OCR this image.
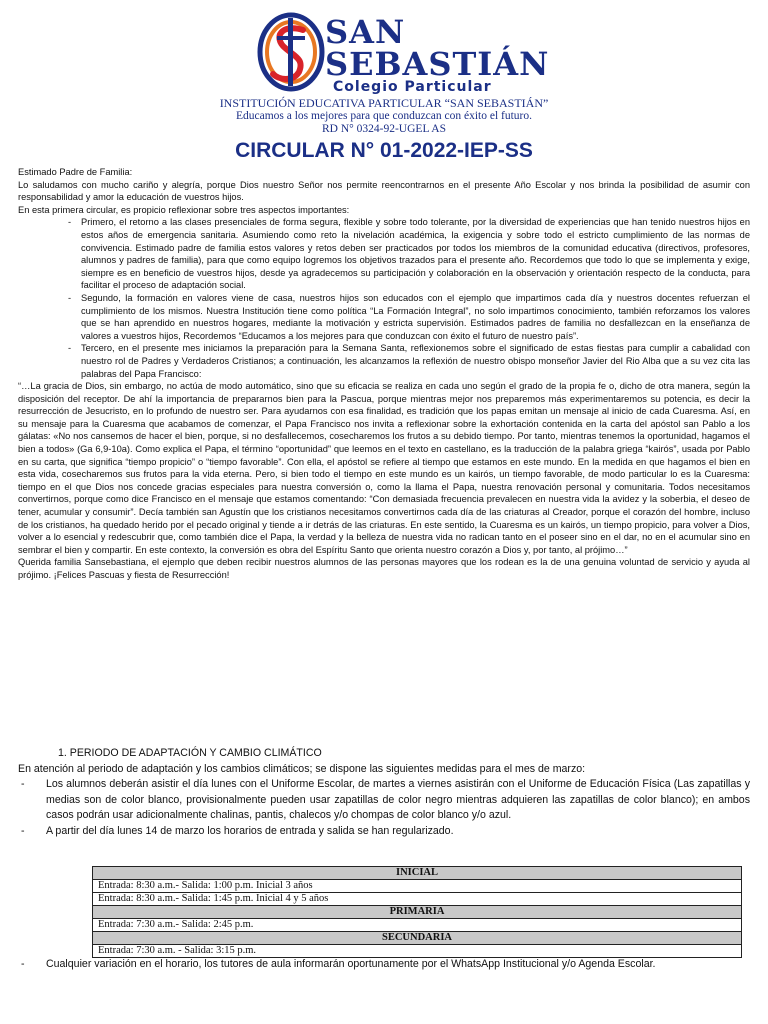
SAN
SEBASTIÁN
Colegio Particular
INSTITUCIÓN EDUCATIVA PARTICULAR “SAN SEBASTIÁN”
Educamos a los mejores para que conduzcan con éxito el futuro.
RD N° 0324-92-UGEL AS
CIRCULAR N° 01-2022-IEP-SS

Estimado Padre de Familia:

Lo saludamos con mucho cariño y alegría, porque Dios nuestro Señor nos permite reencontrarnos en el presente Año Escolar y nos brinda la posibilidad de asumir con responsabilidad y amor la educación de vuestros hijos.

En esta primera circular, es propicio reflexionar sobre tres aspectos importantes:

- Primero, el retorno a las clases presenciales de forma segura, flexible y sobre todo tolerante, por la diversidad de experiencias que han tenido nuestros hijos en estos años de emergencia sanitaria. Asumiendo como reto la nivelación académica, la exigencia y sobre todo el estricto cumplimiento de las normas de convivencia. Estimado padre de familia estos valores y retos deben ser practicados por todos los miembros de la comunidad educativa (directivos, profesores, alumnos y padres de familia), para que como equipo logremos los objetivos trazados para el presente año. Recordemos que todo lo que se implementa y exige, siempre es en beneficio de vuestros hijos, desde ya agradecemos su participación y colaboración en la observación y orientación respecto de la conducta, para facilitar el proceso de adaptación social.
- Segundo, la formación en valores viene de casa, nuestros hijos son educados con el ejemplo que impartimos cada día y nuestros docentes refuerzan el cumplimiento de los mismos. Nuestra Institución tiene como política “La Formación Integral”, no solo impartimos conocimiento, también reforzamos los valores que se han aprendido en nuestros hogares, mediante la motivación y estricta supervisión. Estimados padres de familia no desfallezcan en la enseñanza de valores a vuestros hijos, Recordemos “Educamos a los mejores para que conduzcan con éxito el futuro de nuestro país”.
- Tercero, en el presente mes iniciamos la preparación para la Semana Santa, reflexionemos sobre el significado de estas fiestas para cumplir a cabalidad con nuestro rol de Padres y Verdaderos Cristianos; a continuación, les alcanzamos la reflexión de nuestro obispo monseñor Javier del Rio Alba que a su vez cita las palabras del Papa Francisco:

“…La gracia de Dios, sin embargo, no actúa de modo automático, sino que su eficacia se realiza en cada uno según el grado de la propia fe o, dicho de otra manera, según la disposición del receptor. De ahí la importancia de prepararnos bien para la Pascua, porque mientras mejor nos preparemos más experimentaremos su potencia, es decir la resurrección de Jesucristo, en lo profundo de nuestro ser. Para ayudarnos con esa finalidad, es tradición que los papas emitan un mensaje al inicio de cada Cuaresma. Así, en su mensaje para la Cuaresma que acabamos de comenzar, el Papa Francisco nos invita a reflexionar sobre la exhortación contenida en la carta del apóstol san Pablo a los gálatas: «No nos cansemos de hacer el bien, porque, si no desfallecemos, cosecharemos los frutos a su debido tiempo. Por tanto, mientras tenemos la oportunidad, hagamos el bien a todos» (Ga 6,9-10a). Como explica el Papa, el término “oportunidad” que leemos en el texto en castellano, es la traducción de la palabra griega “kairós”, usada por Pablo en su carta, que significa “tiempo propicio” o “tiempo favorable”. Con ella, el apóstol se refiere al tiempo que estamos en este mundo. En la medida en que hagamos el bien en esta vida, cosecharemos sus frutos para la vida eterna. Pero, si bien todo el tiempo en este mundo es un kairós, un tiempo favorable, de modo particular lo es la Cuaresma: tiempo en el que Dios nos concede gracias especiales para nuestra conversión o, como la llama el Papa, nuestra renovación personal y comunitaria. Todos necesitamos convertirnos, porque como dice Francisco en el mensaje que estamos comentando: “Con demasiada frecuencia prevalecen en nuestra vida la avidez y la soberbia, el deseo de tener, acumular y consumir”. Decía también san Agustín que los cristianos necesitamos convertirnos cada día de las criaturas al Creador, porque el corazón del hombre, incluso de los cristianos, ha quedado herido por el pecado original y tiende a ir detrás de las criaturas. En este sentido, la Cuaresma es un kairós, un tiempo propicio, para volver a Dios, volver a lo esencial y redescubrir que, como también dice el Papa, la verdad y la belleza de nuestra vida no radican tanto en el poseer sino en el dar, no en el acumular sino en sembrar el bien y compartir. En este contexto, la conversión es obra del Espíritu Santo que orienta nuestro corazón a Dios y, por tanto, al prójimo…”

Querida familia Sansebastiana, el ejemplo que deben recibir nuestros alumnos de las personas mayores que los rodean es la de una genuina voluntad de servicio y ayuda al prójimo. ¡Felices Pascuas y fiesta de Resurrección!

1. PERIODO DE ADAPTACIÓN Y CAMBIO CLIMÁTICO

En atención al periodo de adaptación y los cambios climáticos; se dispone las siguientes medidas para el mes de marzo:

- Los alumnos deberán asistir el día lunes con el Uniforme Escolar, de martes a viernes asistirán con el Uniforme de Educación Física (Las zapatillas y medias son de color blanco, provisionalmente pueden usar zapatillas de color negro mientras adquieren las zapatillas de color blanco); en ambos casos podrán usar adicionalmente chalinas, pantis, chalecos y/o chompas de color blanco y/o azul.

- A partir del día lunes 14 de marzo los horarios de entrada y salida se han regularizado.

INICIAL
Entrada: 8:30 a.m.- Salida: 1:00 p.m. Inicial 3 años
Entrada: 8:30 a.m.- Salida: 1:45 p.m. Inicial 4 y 5 años
PRIMARIA
Entrada: 7:30 a.m.- Salida: 2:45 p.m.
SECUNDARIA
Entrada: 7:30 a.m. - Salida: 3:15 p.m.
-	Cualquier variación en el horario, los tutores de aula informarán oportunamente por el WhatsApp Institucional y/o Agenda Escolar.
